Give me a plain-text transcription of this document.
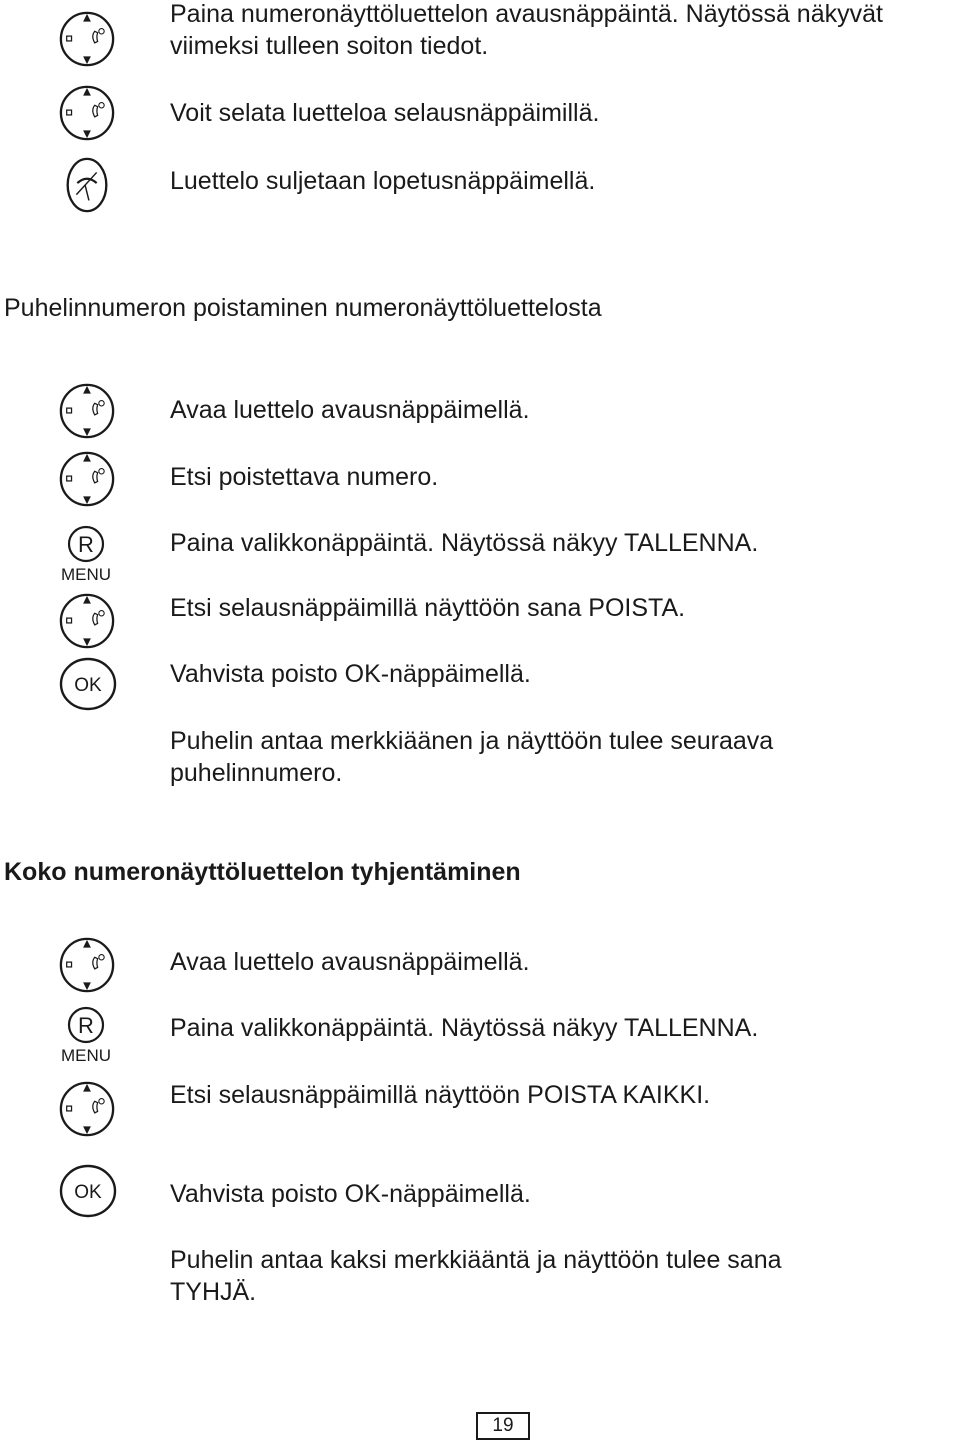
Paina numeronäyttöluettelon avausnäppäintä. Näytössä näkyvät viimeksi tulleen soiton tiedot.
Voit selata luetteloa selausnäppäimillä.
Luettelo suljetaan lopetusnäppäimellä.
Puhelinnumeron poistaminen numeronäyttöluettelosta
Avaa luettelo avausnäppäimellä.
Etsi poistettava numero.
R
MENU
Paina valikkonäppäintä. Näytössä näkyy TALLENNA.
Etsi selausnäppäimillä näyttöön sana POISTA.
OK	Vahvista poisto OK-näppäimellä.
Puhelin antaa merkkiäänen ja näyttöön tulee seuraava puhelinnumero.
Koko numeronäyttöluettelon tyhjentäminen
Avaa luettelo avausnäppäimellä.
R
MENU
Paina valikkonäppäintä. Näytössä näkyy TALLENNA.
Etsi selausnäppäimillä näyttöön POISTA KAIKKI.
OK	Vahvista poisto OK-näppäimellä.
Puhelin antaa kaksi merkkiääntä ja näyttöön tulee sana TYHJÄ.
19
